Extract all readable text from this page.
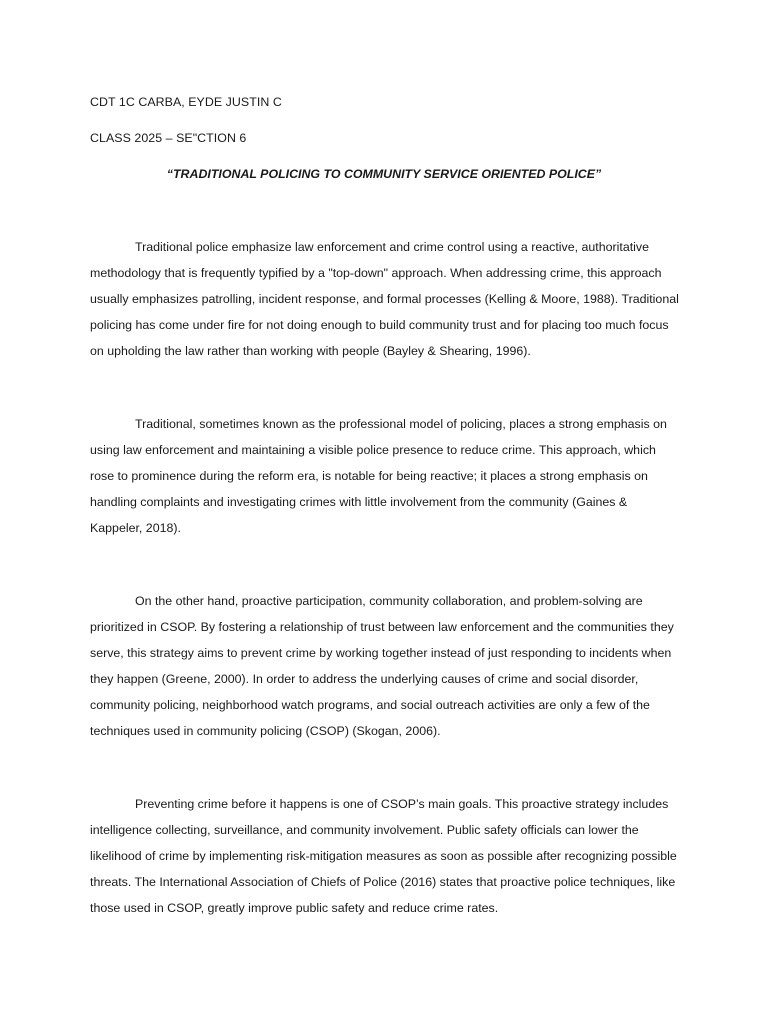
CDT 1C CARBA, EYDE JUSTIN C
CLASS 2025 – SE"CTION 6
“TRADITIONAL POLICING TO COMMUNITY SERVICE ORIENTED POLICE”

Traditional police emphasize law enforcement and crime control using a reactive, authoritative methodology that is frequently typified by a "top-down" approach. When addressing crime, this approach usually emphasizes patrolling, incident response, and formal processes (Kelling & Moore, 1988). Traditional policing has come under fire for not doing enough to build community trust and for placing too much focus on upholding the law rather than working with people (Bayley & Shearing, 1996).

Traditional, sometimes known as the professional model of policing, places a strong emphasis on using law enforcement and maintaining a visible police presence to reduce crime. This approach, which rose to prominence during the reform era, is notable for being reactive; it places a strong emphasis on handling complaints and investigating crimes with little involvement from the community (Gaines & Kappeler, 2018).

On the other hand, proactive participation, community collaboration, and problem-solving are prioritized in CSOP. By fostering a relationship of trust between law enforcement and the communities they serve, this strategy aims to prevent crime by working together instead of just responding to incidents when they happen (Greene, 2000). In order to address the underlying causes of crime and social disorder, community policing, neighborhood watch programs, and social outreach activities are only a few of the techniques used in community policing (CSOP) (Skogan, 2006).

Preventing crime before it happens is one of CSOP’s main goals. This proactive strategy includes intelligence collecting, surveillance, and community involvement. Public safety officials can lower the likelihood of crime by implementing risk-mitigation measures as soon as possible after recognizing possible threats. The International Association of Chiefs of Police (2016) states that proactive police techniques, like those used in CSOP, greatly improve public safety and reduce crime rates.
